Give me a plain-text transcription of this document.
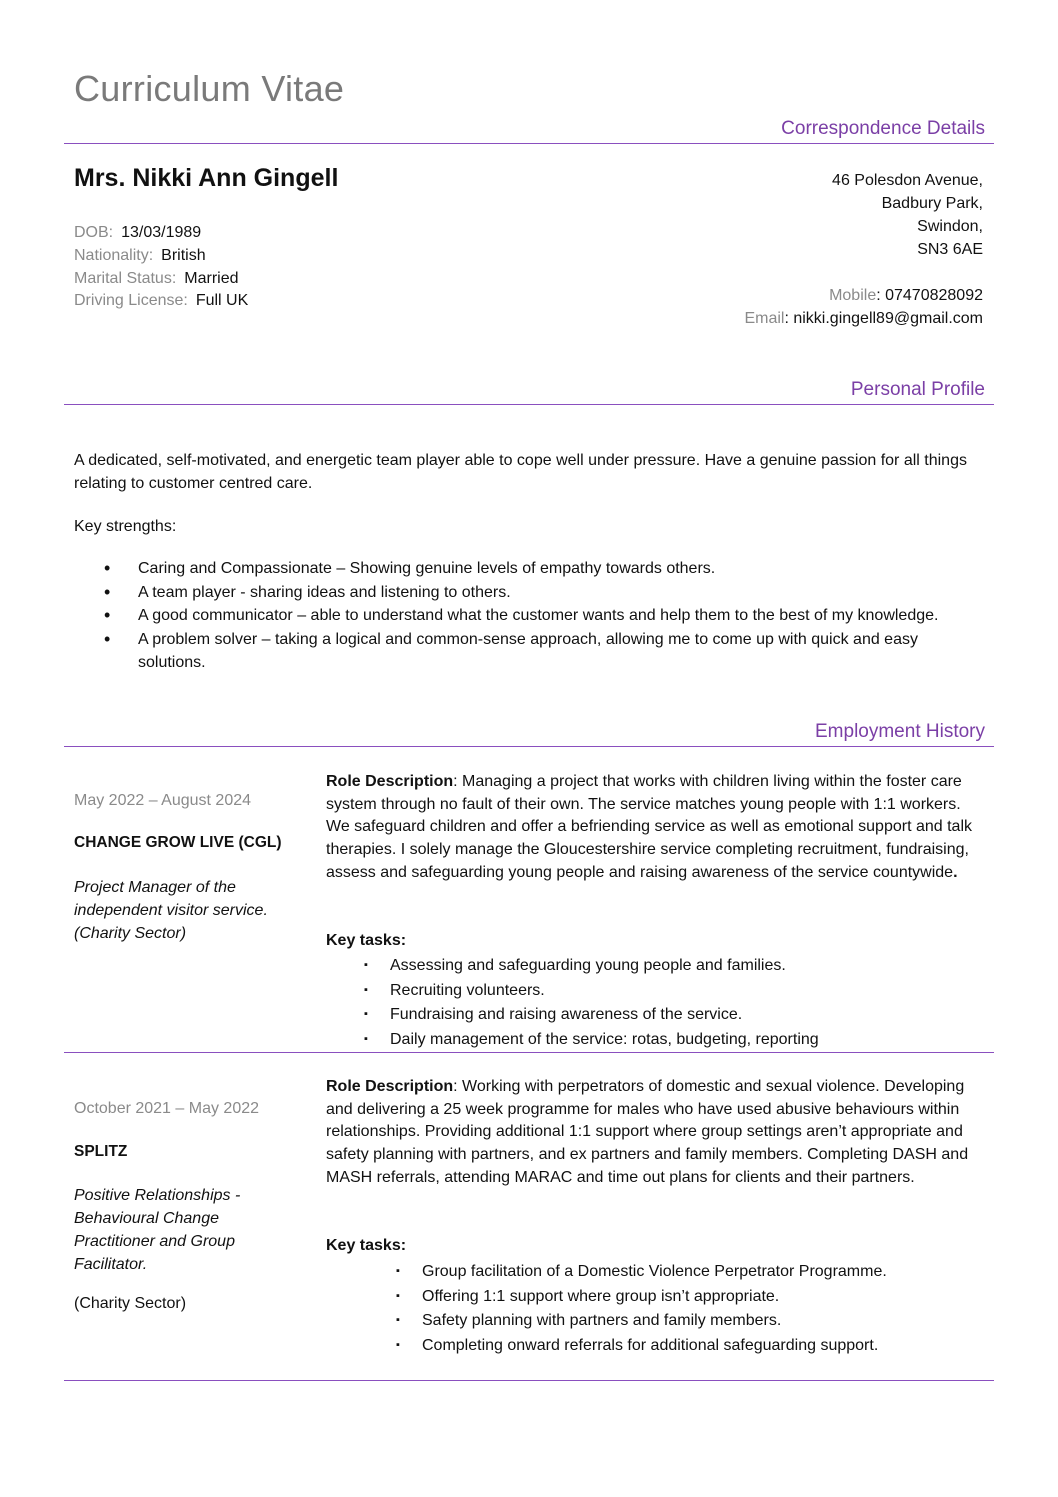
Curriculum Vitae
Correspondence Details
Mrs. Nikki Ann Gingell
DOB: 13/03/1989
Nationality: British
Marital Status: Married
Driving License: Full UK
46 Polesdon Avenue,
Badbury Park,
Swindon,
SN3 6AE
Mobile: 07470828092
Email: nikki.gingell89@gmail.com
Personal Profile
A dedicated, self-motivated, and energetic team player able to cope well under pressure. Have a genuine passion for all things relating to customer centred care.
Key strengths:
• Caring and Compassionate – Showing genuine levels of empathy towards others.
• A team player - sharing ideas and listening to others.
• A good communicator – able to understand what the customer wants and help them to the best of my knowledge.
• A problem solver – taking a logical and common-sense approach, allowing me to come up with quick and easy solutions.
Employment History
May 2022 – August 2024
CHANGE GROW LIVE (CGL)
Project Manager of the independent visitor service. (Charity Sector)
Role Description: Managing a project that works with children living within the foster care system through no fault of their own. The service matches young people with 1:1 workers. We safeguard children and offer a befriending service as well as emotional support and talk therapies. I solely manage the Gloucestershire service completing recruitment, fundraising, assess and safeguarding young people and raising awareness of the service countywide.
Key tasks:
▪ Assessing and safeguarding young people and families.
▪ Recruiting volunteers.
▪ Fundraising and raising awareness of the service.
▪ Daily management of the service: rotas, budgeting, reporting
October 2021 – May 2022
SPLITZ
Positive Relationships - Behavioural Change Practitioner and Group Facilitator.
(Charity Sector)
Role Description: Working with perpetrators of domestic and sexual violence. Developing and delivering a 25 week programme for males who have used abusive behaviours within relationships. Providing additional 1:1 support where group settings aren’t appropriate and safety planning with partners, and ex partners and family members. Completing DASH and MASH referrals, attending MARAC and time out plans for clients and their partners.
Key tasks:
▪ Group facilitation of a Domestic Violence Perpetrator Programme.
▪ Offering 1:1 support where group isn’t appropriate.
▪ Safety planning with partners and family members.
▪ Completing onward referrals for additional safeguarding support.
